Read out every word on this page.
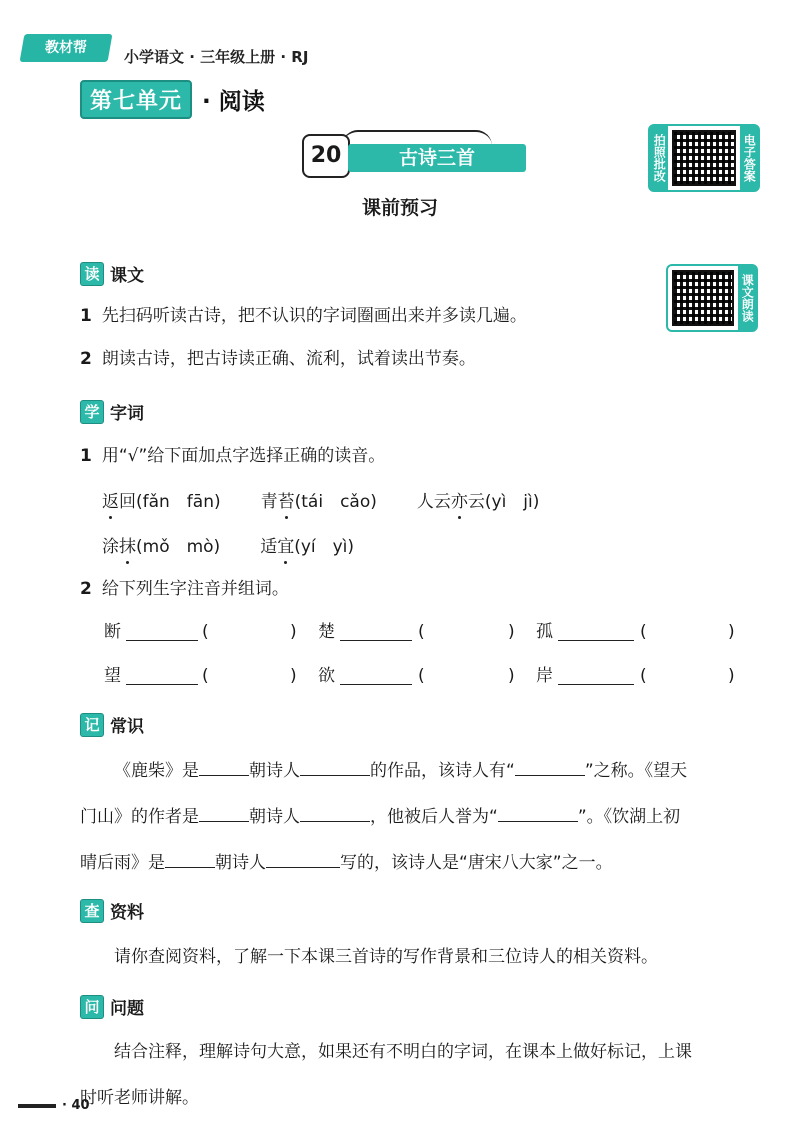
教材帮	小学语文 · 三年级上册 · RJ
第七单元 · 阅读
20	古诗三首
课前预习
拍照批改	电子答案
课文朗读
读 课文
1 先扫码听读古诗，把不认识的字词圈画出来并多读几遍。
2 朗读古诗，把古诗读正确、流利，试着读出节奏。
学 字词
1 用“√”给下面加点字选择正确的读音。
返回(fǎn　fān) 青苔(tái　cǎo) 人云亦云(yì　jì)
涂抹(mǒ　mò) 适宜(yí　yì)
2 给下列生字注音并组词。
断	(	) 楚	(	) 孤	(	)
望	(	) 欲	(	) 岸	(	)
记 常识
《鹿柴》是	朝诗人	的作品，该诗人有“	”之称。《望天
门山》的作者是	朝诗人	，他被后人誉为“	”。《饮湖上初
晴后雨》是	朝诗人	写的，该诗人是“唐宋八大家”之一。
查 资料
请你查阅资料，了解一下本课三首诗的写作背景和三位诗人的相关资料。
问 问题
结合注释，理解诗句大意，如果还有不明白的字词，在课本上做好标记，上课
时听老师讲解。
· 40
